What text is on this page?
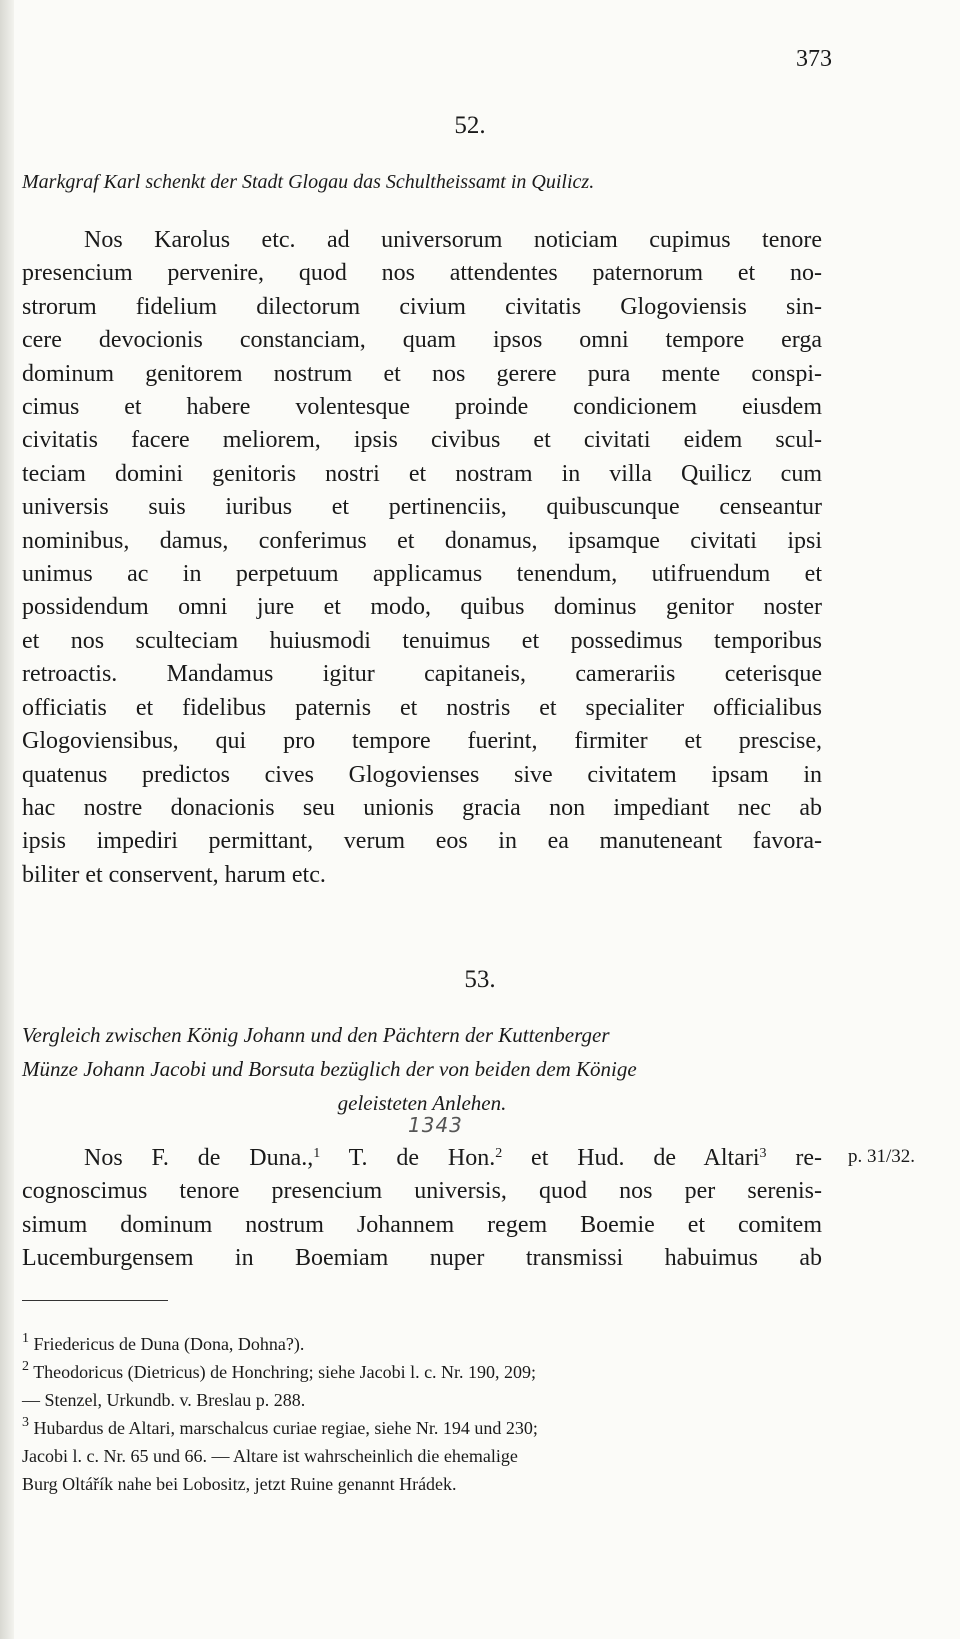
373
52.
Markgraf Karl schenkt der Stadt Glogau das Schultheissamt in Quilicz.
Nos Karolus etc. ad universorum noticiam cupimus tenore
presencium pervenire, quod nos attendentes paternorum et no-
strorum fidelium dilectorum civium civitatis Glogoviensis sin-
cere devocionis constanciam, quam ipsos omni tempore erga
dominum genitorem nostrum et nos gerere pura mente conspi-
cimus et habere volentesque proinde condicionem eiusdem
civitatis facere meliorem, ipsis civibus et civitati eidem scul-
teciam domini genitoris nostri et nostram in villa Quilicz cum
universis suis iuribus et pertinenciis, quibuscunque censeantur
nominibus, damus, conferimus et donamus, ipsamque civitati ipsi
unimus ac in perpetuum applicamus tenendum, utifruendum et
possidendum omni jure et modo, quibus dominus genitor noster
et nos sculteciam huiusmodi tenuimus et possedimus temporibus
retroactis. Mandamus igitur capitaneis, camerariis ceterisque
officiatis et fidelibus paternis et nostris et specialiter officialibus
Glogoviensibus, qui pro tempore fuerint, firmiter et prescise,
quatenus predictos cives Glogovienses sive civitatem ipsam in
hac nostre donacionis seu unionis gracia non impediant nec ab
ipsis impediri permittant, verum eos in ea manuteneant favora-
biliter et conservent, harum etc.
53.
Vergleich zwischen König Johann und den Pächtern der Kuttenberger
Münze Johann Jacobi und Borsuta bezüglich der von beiden dem Könige
geleisteten Anlehen.
1343
Nos F. de Duna.,$^1$ T. de Hon.$^2$ et Hud. de Altari$^3$ re-
cognoscimus tenore presencium universis, quod nos per serenis-
simum dominum nostrum Johannem regem Boemie et comitem
Lucemburgensem in Boemiam nuper transmissi habuimus ab
p. 31/32.
$^1$ Friedericus de Duna (Dona, Dohna?).
$^2$ Theodoricus (Dietricus) de Honchring; siehe Jacobi l. c. Nr. 190, 209;
— Stenzel, Urkundb. v. Breslau p. 288.
$^3$ Hubardus de Altari, marschalcus curiae regiae, siehe Nr. 194 und 230;
Jacobi l. c. Nr. 65 und 66. — Altare ist wahrscheinlich die ehemalige
Burg Oltářík nahe bei Lobositz, jetzt Ruine genannt Hrádek.
